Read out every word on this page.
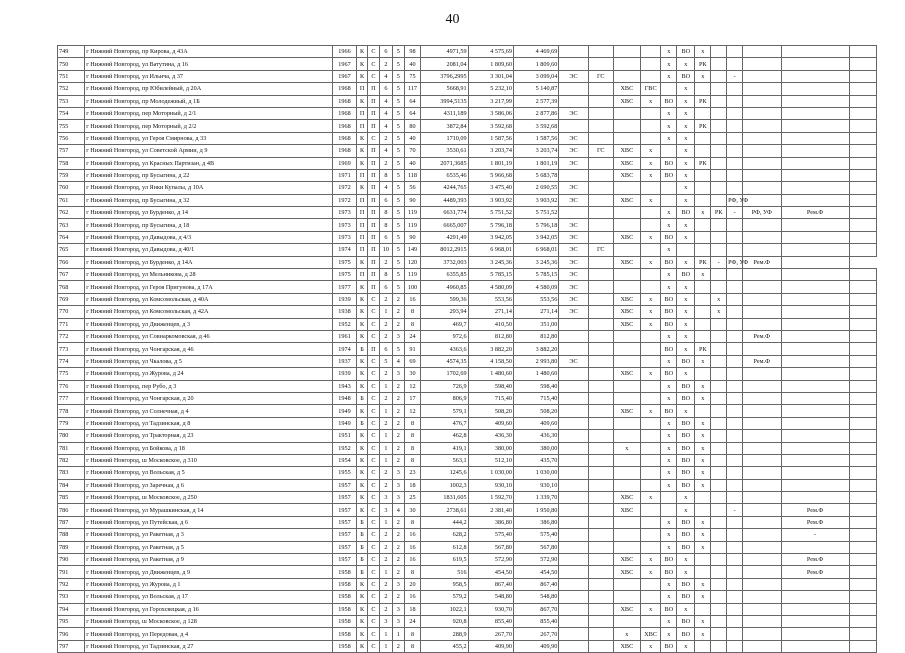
40
749	г Нижний Новгород, пр Кирова, д 43А	1966	К	С	6	5	98	4971,59	4 575,69	4 469,69					х	ВО	х					
750	г Нижний Новгород, ул Ватутина, д 16	1967	К	С	2	5	40	2081,04	1 809,60	1 809,60					х	х	РК					
751	г Нижний Новгород, ул Ильича, д 37	1967	К	С	4	5	75	3796,2995	3 301,04	3 099,04	ЭС	ГС			х	ВО	х		-			
752	г Нижний Новгород, пр Юбилейный, д 20А	1968	П	П	6	5	117	5668,91	5 232,10	5 140,87			ХВС	ГВС		х						
753	г Нижний Новгород, пр Молодежный, д 1Б	1968	К	П	4	5	64	3994,5135	3 217,99	2 577,39			ХВС	х	ВО	х	РК					
754	г Нижний Новгород, пер Моторный, д 2/1	1968	П	П	4	5	64	4311,189	3 586,06	2 877,86	ЭС				х	х						
755	г Нижний Новгород, пер Моторный, д 2/2	1968	П	П	4	5	80	3872,84	3 592,68	3 592,68					х	х	РК					
756	г Нижний Новгород, ул Героя Смирнова, д 33	1968	К	С	2	5	40	1710,09	1 587,56	1 587,56	ЭС				х	х						
757	г Нижний Новгород, ул Советской Армии, д 9	1968	К	П	4	5	70	3530,61	3 203,74	3 203,74	ЭС	ГС	ХВС	х		х						
758	г Нижний Новгород, ул Красных Партизан, д 4В	1969	К	П	2	5	40	2071,3685	1 801,19	1 801,19	ЭС		ХВС	х	ВО	х	РК					
759	г Нижний Новгород, пр Бусыгина, д 22	1971	П	П	8	5	118	6535,46	5 966,68	5 683,78			ХВС	х	ВО	х						
760	г Нижний Новгород, ул Янки Купалы, д 10А	1972	К	П	4	5	56	4244,765	3 475,40	2 690,55	ЭС					х						
761	г Нижний Новгород, пр Бусыгина, д 32	1972	П	П	6	5	90	4489,393	3 903,92	3 903,92	ЭС		ХВС	х		х			РФ, УФ			
762	г Нижний Новгород, ул Бурденко, д 14	1973	П	П	8	5	119	6631,774	5 751,52	5 751,52					х	ВО	х	РК	-	РФ, УФ	Рем.Ф	
763	г Нижний Новгород, пр Бусыгина, д 18	1973	П	П	8	5	119	6665,007	5 796,18	5 796,18	ЭС				х	х						
764	г Нижний Новгород, ул Давыдова, д 4/3	1973	П	П	6	5	90	4291,49	3 942,05	3 942,05	ЭС		ХВС	х	ВО	х						
765	г Нижний Новгород, ул Давыдова, д 40/1	1974	П	П	10	5	149	8012,2915	6 968,01	6 968,01	ЭС	ГС			х							
766	г Нижний Новгород, ул Бурденко, д 14А	1975	К	П	2	5	120	3732,003	3 245,36	3 245,36	ЭС		ХВС	х	ВО	х	РК	-	РФ, УФ	Рем.Ф		
767	г Нижний Новгород, ул Мельникова, д 28	1975	П	П	8	5	119	6355,85	5 785,15	5 785,15	ЭС				х	ВО	х					
768	г Нижний Новгород, ул Героя Пригунова, д 17А	1977	К	П	6	5	100	4960,85	4 580,09	4 580,09	ЭС				х	х						
769	г Нижний Новгород, ул Комсомольская, д 40А	1939	К	С	2	2	16	599,36	553,56	553,56	ЭС		ХВС	х	ВО	х		х				
770	г Нижний Новгород, ул Комсомольская, д 42А	1938	К	С	1	2	8	293,94	271,14	271,14	ЭС		ХВС	х	ВО	х		х				
771	г Нижний Новгород, ул Движенцев, д 3	1952	К	С	2	2	8	469,7	410,50	351,00			ХВС	х	ВО	х						
772	г Нижний Новгород, ул Совнаркомовская, д 46	1961	К	С	2	3	24	972,6	812,80	812,80					х	х				Рем.Ф		
773	г Нижний Новгород, ул Чонгарская, д 46	1974	Б	П	6	5	91	4363,6	3 882,20	3 882,20					ВО	х	РК					
774	г Нижний Новгород, ул Чкалова, д 5	1937	К	С	5	4	69	4574,35	4 158,50	2 993,80	ЭС				х	ВО	х			Рем.Ф		
775	г Нижний Новгород, ул Журова, д 24	1939	К	С	2	3	30	1702,69	1 480,60	1 480,60			ХВС	х	ВО	х						
776	г Нижний Новгород, пер Рубо, д 3	1943	К	С	1	2	12	726,9	598,40	598,40					х	ВО	х					
777	г Нижний Новгород, ул Чонгарская, д 20	1948	Б	С	2	2	17	806,9	715,40	715,40					х	ВО	х					
778	г Нижний Новгород, ул Солнечная, д 4	1949	К	С	1	2	12	579,1	508,20	508,20			ХВС	х	ВО	х						
779	г Нижний Новгород, ул Тадзинская, д 8	1949	Б	С	2	2	8	476,7	409,60	409,60					х	ВО	х					
780	г Нижний Новгород, ул Тракторная, д 23	1951	К	С	1	2	8	462,8	436,30	436,30					х	ВО	х					
781	г Нижний Новгород, ул Бойкова, д 18	1952	К	С	1	2	8	419,1	380,00	380,00			х		х	ВО	х					
782	г Нижний Новгород, ш Московское, д 310	1954	К	С	1	2	8	563,1	512,10	435,70					х	ВО	х					
783	г Нижний Новгород, ул Вольская, д 5	1955	К	С	2	3	23	1245,6	1 030,00	1 030,00					х	ВО	х					
784	г Нижний Новгород, ул Заречная, д 6	1957	К	С	2	3	18	1002,3	930,10	930,10					х	ВО	х					
785	г Нижний Новгород, ш Московское, д 250	1957	К	С	3	3	25	1831,605	1 592,70	1 339,70			ХВС	х		х						
786	г Нижний Новгород, ул Мурашкинская, д 14	1957	К	С	3	4	30	2738,61	2 381,40	1 950,80			ХВС			х			-		Рем.Ф	
787	г Нижний Новгород, ул Путейская, д 6	1957	Б	С	1	2	8	444,2	386,80	386,80					х	ВО	х				Рем.Ф	
788	г Нижний Новгород, ул Ракетная, д 3	1957	Б	С	2	2	16	628,2	575,40	575,40					х	ВО	х				-	
789	г Нижний Новгород, ул Ракетная, д 5	1957	Б	С	2	2	16	612,8	567,80	567,80					х	ВО	х					
790	г Нижний Новгород, ул Ракетная, д 9	1957	Б	С	2	2	16	619,5	572,90	572,90			ХВС	х	ВО	х					Рем.Ф	
791	г Нижний Новгород, ул Движенцев, д 9	1958	Б	С	1	2	8	516	454,50	454,50			ХВС	х	ВО	х					Рем.Ф	
792	г Нижний Новгород, ул Журова, д 1	1958	К	С	2	3	20	958,5	867,40	867,40					х	ВО	х					
793	г Нижний Новгород, ул Вольская, д 17	1958	К	С	2	2	16	579,2	548,80	548,80					х	ВО	х					
794	г Нижний Новгород, ул Горохсвецкая, д 16	1958	К	С	2	3	18	1022,1	930,70	867,70			ХВС	х	ВО	х						
795	г Нижний Новгород, ш Московское, д 128	1958	К	С	3	3	24	920,8	855,40	855,40					х	ВО	х					
796	г Нижний Новгород, ул Передовая, д 4	1958	К	С	1	1	8	288,9	267,70	267,70			х	ХВС	х	ВО	х					
797	г Нижний Новгород, ул Тадзинская, д 27	1958	К	С	1	2	8	455,2	409,90	409,90			ХВС	х	ВО	х						
